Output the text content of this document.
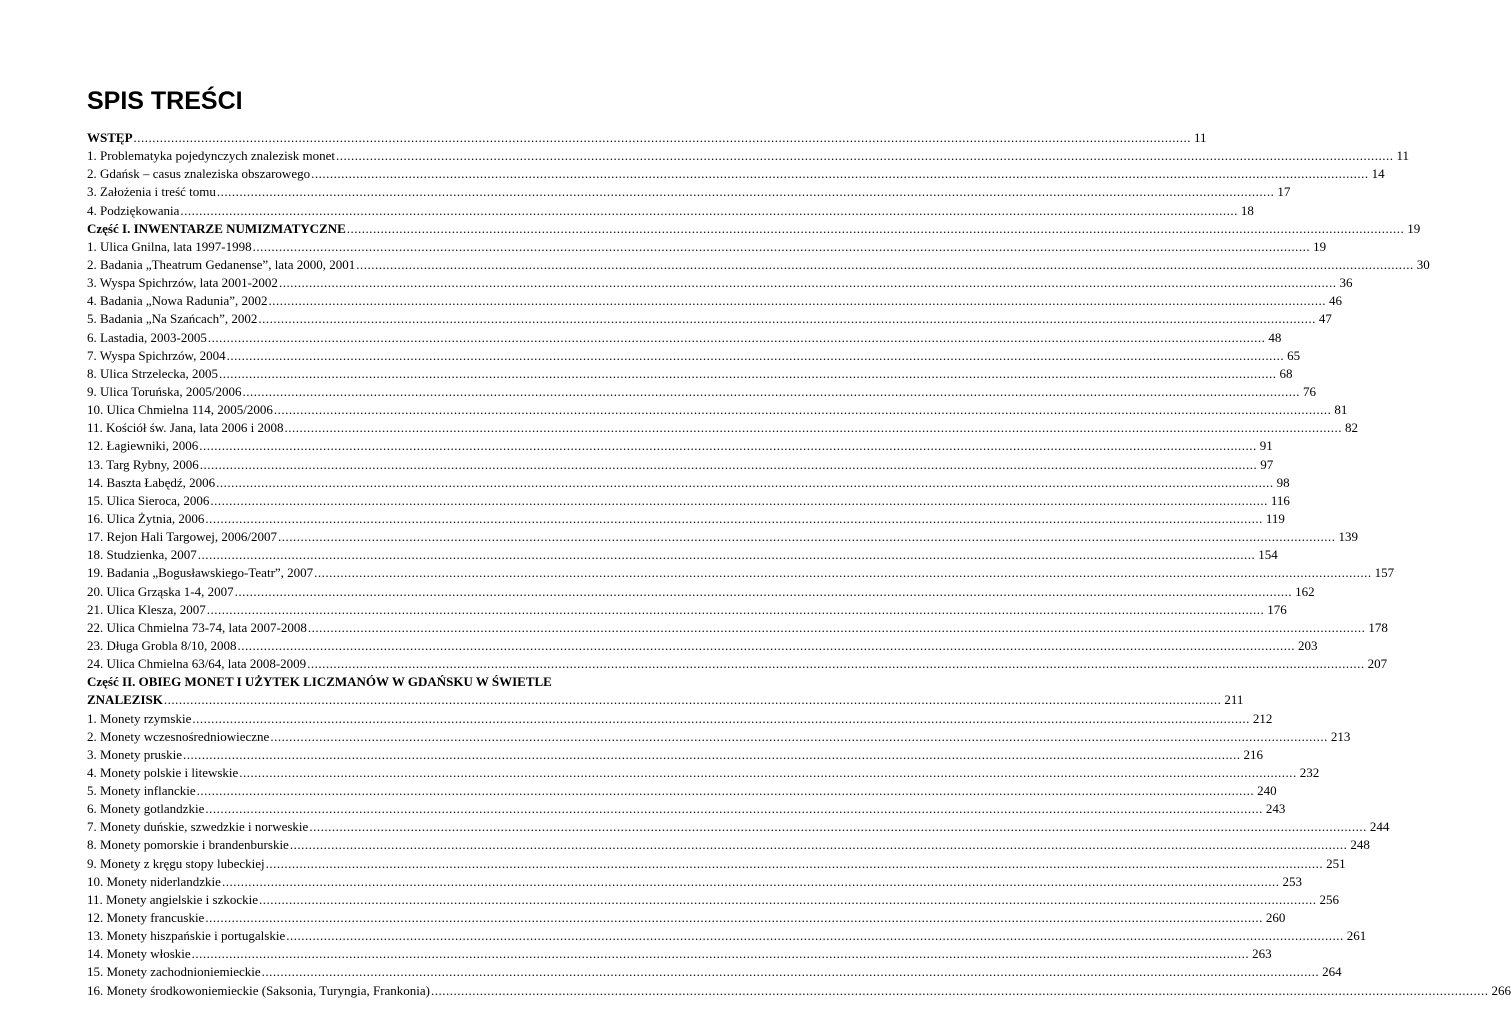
SPIS TREŚCI
WSTĘP .....	11
1. Problematyka pojedynczych znalezisk monet .....	11
2. Gdańsk – casus znaleziska obszarowego .....	14
3. Założenia i treść tomu .....	17
4. Podziękowania .....	18
Część I. INWENTARZE NUMIZMATYCZNE .....	19
1. Ulica Gnilna, lata 1997-1998 .....	19
2. Badania „Theatrum Gedanense”, lata 2000, 2001 .....	30
3. Wyspa Spichrzów, lata 2001-2002 .....	36
4. Badania „Nowa Radunia”, 2002 .....	46
5. Badania „Na Szańcach”, 2002 .....	47
6. Lastadia, 2003-2005 .....	48
7. Wyspa Spichrzów, 2004 .....	65
8. Ulica Strzelecka, 2005 .....	68
9. Ulica Toruńska, 2005/2006 .....	76
10. Ulica Chmielna 114, 2005/2006 .....	81
11. Kościół św. Jana, lata 2006 i 2008 .....	82
12. Łagiewniki, 2006 .....	91
13. Targ Rybny, 2006 .....	97
14. Baszta Łabędź, 2006 .....	98
15. Ulica Sieroca, 2006 .....	116
16. Ulica Żytnia, 2006 .....	119
17. Rejon Hali Targowej, 2006/2007 .....	139
18. Studzienka, 2007 .....	154
19. Badania „Bogusławskiego-Teatr”, 2007 .....	157
20. Ulica Grząska 1-4, 2007 .....	162
21. Ulica Klesza, 2007 .....	176
22. Ulica Chmielna 73-74, lata 2007-2008 .....	178
23. Długa Grobla 8/10, 2008 .....	203
24. Ulica Chmielna 63/64, lata 2008-2009 .....	207
Część II. OBIEG MONET I UŻYTEK LICZMANÓW W GDAŃSKU W ŚWIETLE
ZNALEZISK .....	211
1. Monety rzymskie .....	212
2. Monety wczesnośredniowieczne .....	213
3. Monety pruskie .....	216
4. Monety polskie i litewskie .....	232
5. Monety inflanckie .....	240
6. Monety gotlandzkie .....	243
7. Monety duńskie, szwedzkie i norweskie .....	244
8. Monety pomorskie i brandenburskie .....	248
9. Monety z kręgu stopy lubeckiej .....	251
10. Monety niderlandzkie .....	253
11. Monety angielskie i szkockie .....	256
12. Monety francuskie .....	260
13. Monety hiszpańskie i portugalskie .....	261
14. Monety włoskie .....	263
15. Monety zachodnioniemieckie .....	264
16. Monety środkowoniemieckie (Saksonia, Turyngia, Frankonia) .....	266
